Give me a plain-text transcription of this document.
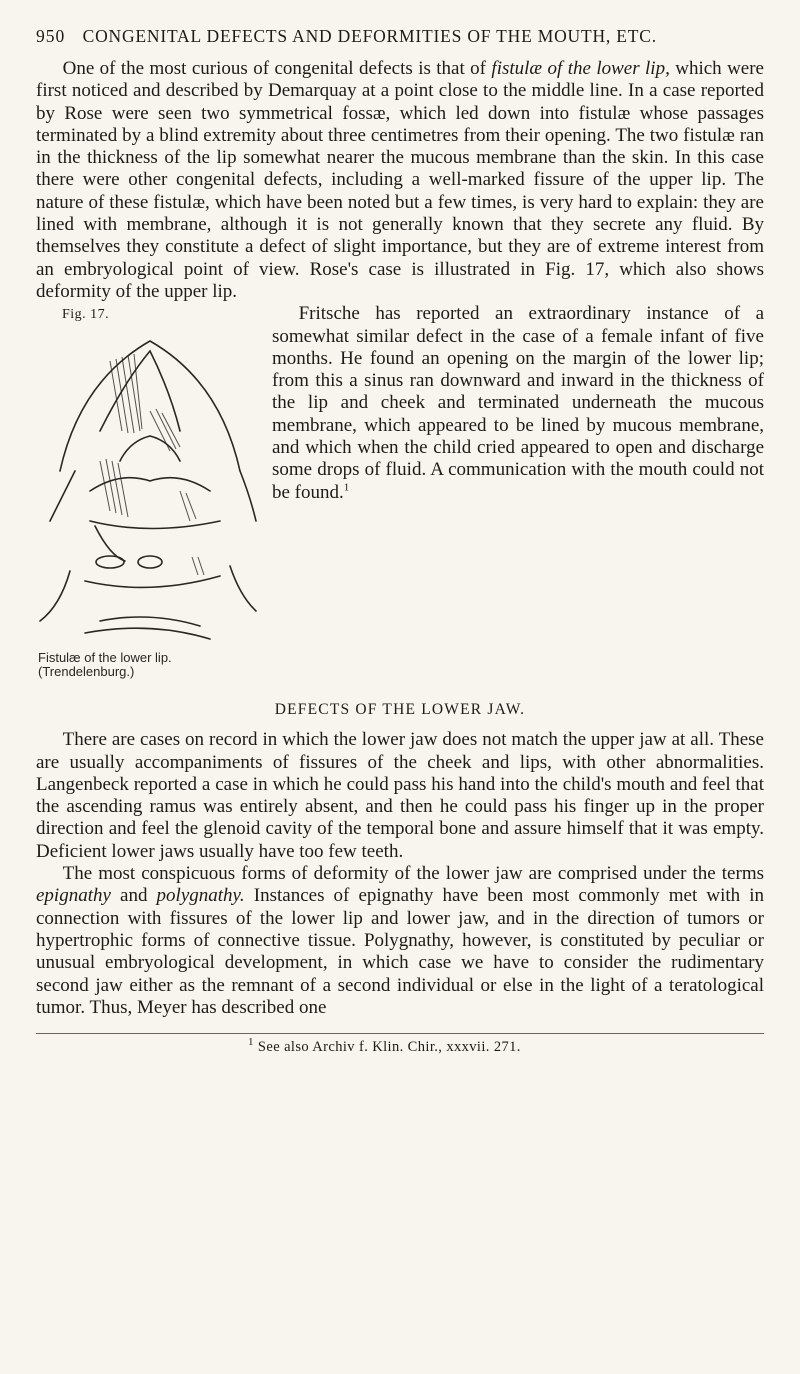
950 CONGENITAL DEFECTS AND DEFORMITIES OF THE MOUTH, ETC.

One of the most curious of congenital defects is that of fistulæ of the lower lip, which were first noticed and described by Demarquay at a point close to the middle line. In a case reported by Rose were seen two symmetrical fossæ, which led down into fistulæ whose passages terminated by a blind extremity about three centimetres from their opening. The two fistulæ ran in the thickness of the lip somewhat nearer the mucous membrane than the skin. In this case there were other congenital defects, including a well-marked fissure of the upper lip. The nature of these fistulæ, which have been noted but a few times, is very hard to explain: they are lined with membrane, although it is not generally known that they secrete any fluid. By themselves they constitute a defect of slight importance, but they are of extreme interest from an embryological point of view. Rose's case is illustrated in Fig. 17, which also shows deformity of the upper lip.

Fig. 17.
Fistulæ of the lower lip. (Trendelenburg.)

Fritsche has reported an extraordinary instance of a somewhat similar defect in the case of a female infant of five months. He found an opening on the margin of the lower lip; from this a sinus ran downward and inward in the thickness of the lip and cheek and terminated underneath the mucous membrane, which appeared to be lined by mucous membrane, and which when the child cried appeared to open and discharge some drops of fluid. A communication with the mouth could not be found.$^1$

DEFECTS OF THE LOWER JAW.

There are cases on record in which the lower jaw does not match the upper jaw at all. These are usually accompaniments of fissures of the cheek and lips, with other abnormalities. Langenbeck reported a case in which he could pass his hand into the child's mouth and feel that the ascending ramus was entirely absent, and then he could pass his finger up in the proper direction and feel the glenoid cavity of the temporal bone and assure himself that it was empty. Deficient lower jaws usually have too few teeth.

The most conspicuous forms of deformity of the lower jaw are comprised under the terms epignathy and polygnathy. Instances of epignathy have been most commonly met with in connection with fissures of the lower lip and lower jaw, and in the direction of tumors or hypertrophic forms of connective tissue. Polygnathy, however, is constituted by peculiar or unusual embryological development, in which case we have to consider the rudimentary second jaw either as the remnant of a second individual or else in the light of a teratological tumor. Thus, Meyer has described one

$^1$ See also Archiv f. Klin. Chir., xxxvii. 271.
